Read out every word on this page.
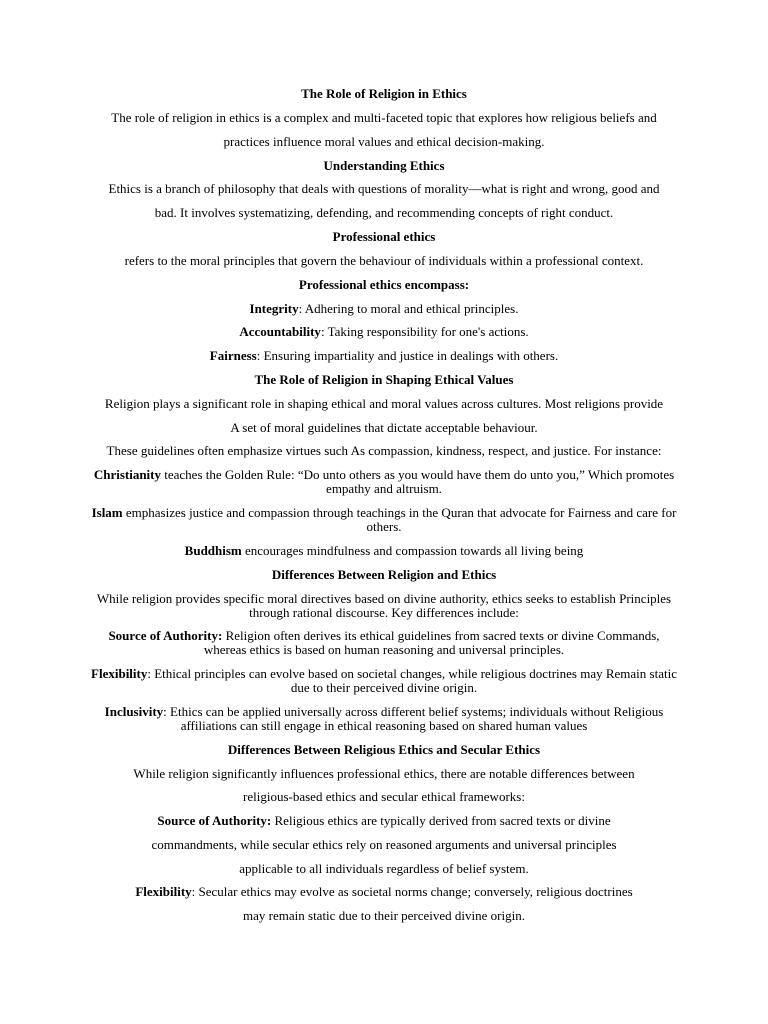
The Role of Religion in Ethics

The role of religion in ethics is a complex and multi-faceted topic that explores how religious beliefs and

practices influence moral values and ethical decision-making.

Understanding Ethics

Ethics is a branch of philosophy that deals with questions of morality—what is right and wrong, good and

bad. It involves systematizing, defending, and recommending concepts of right conduct.

Professional ethics

refers to the moral principles that govern the behaviour of individuals within a professional context.

Professional ethics encompass:

Integrity: Adhering to moral and ethical principles.

Accountability: Taking responsibility for one's actions.

Fairness: Ensuring impartiality and justice in dealings with others.

The Role of Religion in Shaping Ethical Values

Religion plays a significant role in shaping ethical and moral values across cultures. Most religions provide

A set of moral guidelines that dictate acceptable behaviour.

These guidelines often emphasize virtues such As compassion, kindness, respect, and justice. For instance:

Christianity teaches the Golden Rule: “Do unto others as you would have them do unto you,” Which promotes empathy and altruism.

Islam emphasizes justice and compassion through teachings in the Quran that advocate for Fairness and care for others.

Buddhism encourages mindfulness and compassion towards all living being

Differences Between Religion and Ethics

While religion provides specific moral directives based on divine authority, ethics seeks to establish Principles through rational discourse. Key differences include:

Source of Authority: Religion often derives its ethical guidelines from sacred texts or divine Commands, whereas ethics is based on human reasoning and universal principles.

Flexibility: Ethical principles can evolve based on societal changes, while religious doctrines may Remain static due to their perceived divine origin.

Inclusivity: Ethics can be applied universally across different belief systems; individuals without Religious affiliations can still engage in ethical reasoning based on shared human values

Differences Between Religious Ethics and Secular Ethics

While religion significantly influences professional ethics, there are notable differences between

religious-based ethics and secular ethical frameworks:

Source of Authority: Religious ethics are typically derived from sacred texts or divine

commandments, while secular ethics rely on reasoned arguments and universal principles

applicable to all individuals regardless of belief system.

Flexibility: Secular ethics may evolve as societal norms change; conversely, religious doctrines

may remain static due to their perceived divine origin.
